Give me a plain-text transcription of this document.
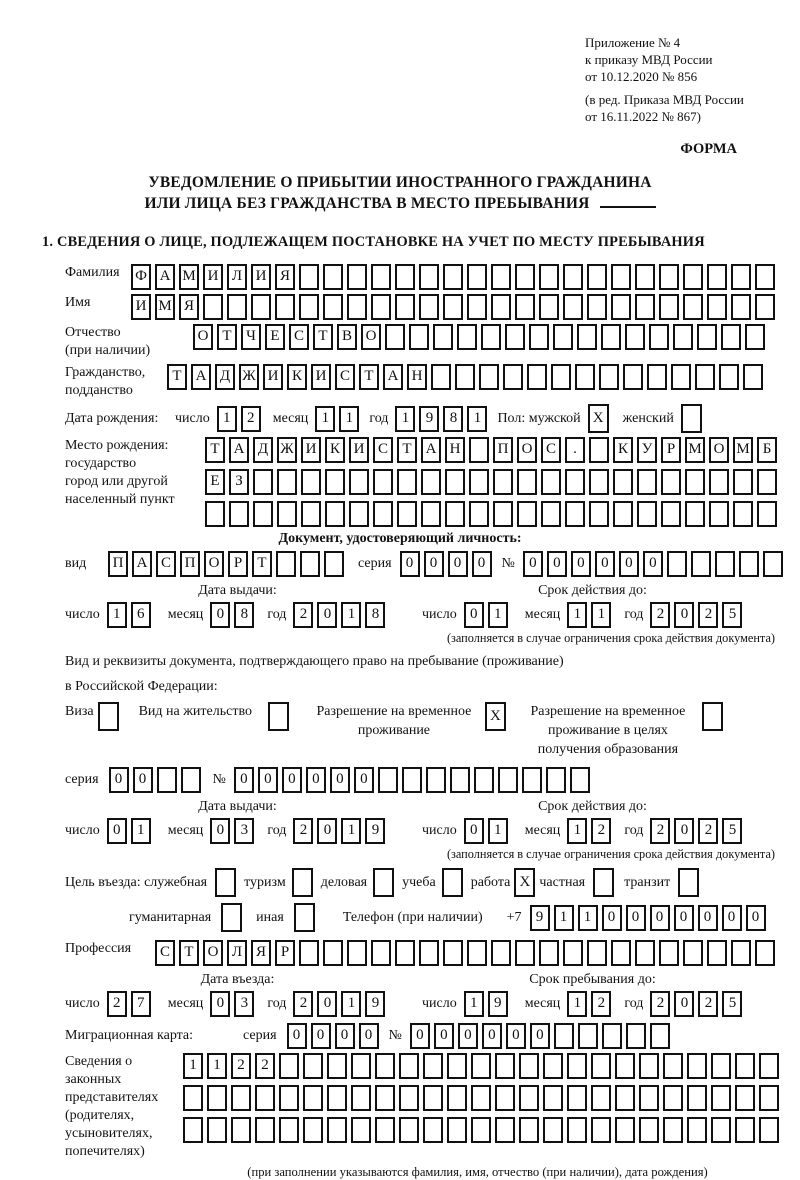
Приложение № 4
к приказу МВД России
от 10.12.2020 № 856
(в ред. Приказа МВД России
от 16.11.2022 № 867)
ФОРМА
УВЕДОМЛЕНИЕ О ПРИБЫТИИ ИНОСТРАННОГО ГРАЖДАНИНА
ИЛИ ЛИЦА БЕЗ ГРАЖДАНСТВА В МЕСТО ПРЕБЫВАНИЯ
1. СВЕДЕНИЯ О ЛИЦЕ, ПОДЛЕЖАЩЕМ ПОСТАНОВКЕ НА УЧЕТ ПО МЕСТУ ПРЕБЫВАНИЯ
Фамилия	Ф А М И Л И Я
Имя	И М Я
Отчество
(при наличии)
О Т Ч Е С Т В О
Гражданство,
подданство
Т А Д Ж И К И С Т А Н
Дата рождения:	число 1	2	месяц 1	1	год 1	9	8	1	Пол: мужской X	женский
Место рождения:
государство
город или другой
населенный пункт
Т А Д Ж И К И С Т А Н	П О С	.	К У Р М О М Б
Е	З
Документ, удостоверяющий личность:
вид	П А С П О Р	Т	серия 0	0	0	0	№ 0	0	0	0	0	0
Дата выдачи:
число 1	6	месяц 0	8	год 2	0	1	8
Срок действия до:
число 0	1	месяц 1	1	год 2	0	2	5
(заполняется в случае ограничения срока действия документа)
Вид и реквизиты документа, подтверждающего право на пребывание (проживание)
в Российской Федерации:
Виза	Вид на жительство	Разрешение на временное проживание
X	Разрешение на временное проживание в целях получения образования
серия	0	0	№ 0	0	0	0	0	0
Дата выдачи:
число 0	1	месяц 0	3	год 2	0	1	9
Срок действия до:
число 0	1	месяц 1	2	год 2	0	2	5
(заполняется в случае ограничения срока действия документа)
Цель въезда: служебная	туризм	деловая	учеба	работа X частная	транзит
гуманитарная	иная	Телефон (при наличии) +7 9	1	1	0	0	0	0	0	0	0
Профессия	С Т О Л Я Р
Дата въезда:
число 2	7	месяц 0	3	год 2	0	1	9
Срок пребывания до:
число 1	9	месяц 1	2	год 2	0	2	5
Миграционная карта:	серия	0	0	0	0	№ 0	0	0	0	0	0
Сведения о законных представителях (родителях, усыновителях, попечителях)
1	1	2	2
(при заполнении указываются фамилия, имя, отчество (при наличии), дата рождения)
